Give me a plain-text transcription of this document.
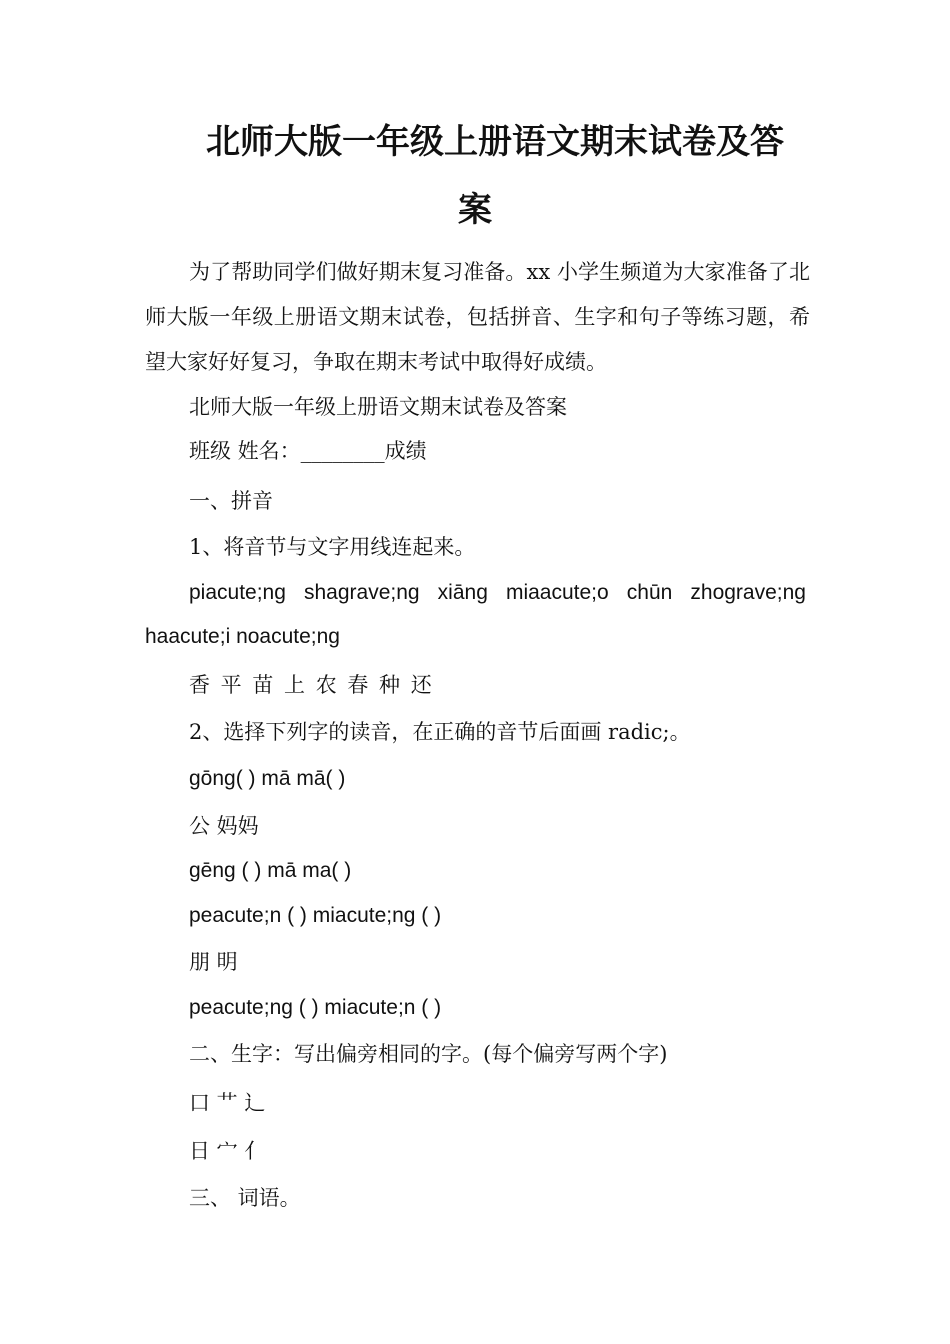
北师大版一年级上册语文期末试卷及答
案
为了帮助同学们做好期末复习准备。xx 小学生频道为大家准备了北师大版一年级上册语文期末试卷，包括拼音、生字和句子等练习题，希望大家好好复习，争取在期末考试中取得好成绩。
北师大版一年级上册语文期末试卷及答案
班级 姓名：________成绩
一、拼音
1、将音节与文字用线连起来。
piacute;ng shagrave;ng xiāng miaacute;o chūn zhograve;ng
haacute;i noacute;ng
香 平 苗 上 农 春 种 还
2、选择下列字的读音，在正确的音节后面画 radic;。
gōng( ) mā mā( )
公 妈妈
gēng ( ) mā ma( )
peacute;n ( ) miacute;ng ( )
朋 明
peacute;ng ( ) miacute;n ( )
二、生字：写出偏旁相同的字。(每个偏旁写两个字)
口 艹 辶
日 宀 亻
三、 词语。
